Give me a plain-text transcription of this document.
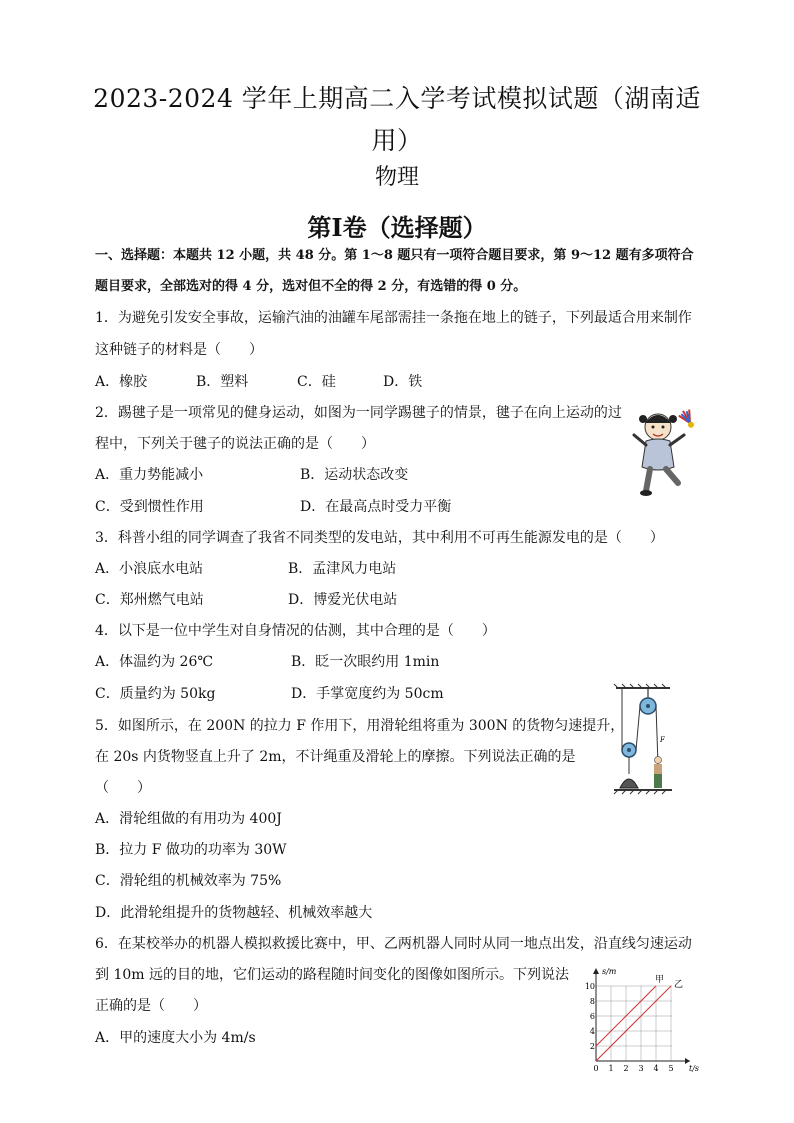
2023-2024 学年上期高二入学考试模拟试题（湖南适用）
物理
第Ⅰ卷（选择题）
一、选择题：本题共 12 小题，共 48 分。第 1～8 题只有一项符合题目要求，第 9～12 题有多项符合题目要求，全部选对的得 4 分，选对但不全的得 2 分，有选错的得 0 分。
1．为避免引发安全事故，运输汽油的油罐车尾部需挂一条拖在地上的链子，下列最适合用来制作
这种链子的材料是（　　）
A．橡胶	B．塑料	C．硅	D．铁
2．踢毽子是一项常见的健身运动，如图为一同学踢毽子的情景，毽子在向上运动的过
程中，下列关于毽子的说法正确的是（　　）
A．重力势能减小	B．运动状态改变
C．受到惯性作用	D．在最高点时受力平衡
3．科普小组的同学调查了我省不同类型的发电站，其中利用不可再生能源发电的是（　　）
A．小浪底水电站	B．孟津风力电站
C．郑州燃气电站	D．博爱光伏电站
4．以下是一位中学生对自身情况的估测，其中合理的是（　　）
A．体温约为 26℃	B．眨一次眼约用 1min
C．质量约为 50kg	D．手掌宽度约为 50cm
F
5．如图所示，在 200N 的拉力 F 作用下，用滑轮组将重为 300N 的货物匀速提升，
在 20s 内货物竖直上升了 2m，不计绳重及滑轮上的摩擦。下列说法正确的是
（　　）
A．滑轮组做的有用功为 400J
B．拉力 F 做功的功率为 30W
C．滑轮组的机械效率为 75%
D．此滑轮组提升的货物越轻、机械效率越大
6．在某校举办的机器人模拟救援比赛中，甲、乙两机器人同时从同一地点出发，沿直线匀速运动
到 10m 远的目的地，它们运动的路程随时间变化的图像如图所示。下列说法
正确的是（　　）
A．甲的速度大小为 4m/s
s/m
t/s
10
8
6
4
2
0 1 2 3 4 5
甲 乙
